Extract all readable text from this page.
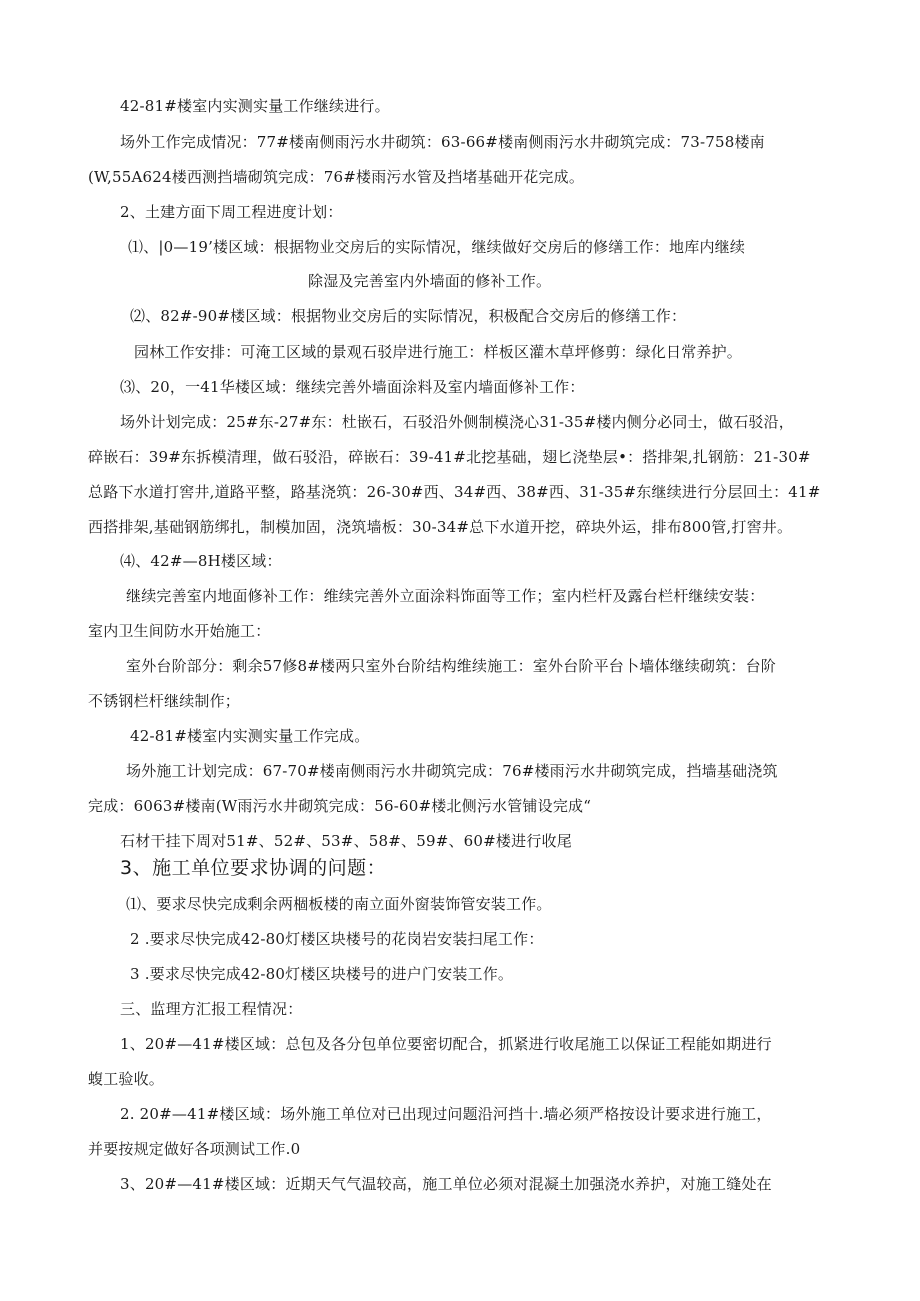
42-81#楼室内实测实量工作继续进行。
场外工作完成情况：77#楼南侧雨污水井砌筑：63-66#楼南侧雨污水井砌筑完成：73-758楼南
(W,55A624楼西测挡墙砌筑完成：76#楼雨污水管及挡堵基础开花完成。
2、土建方面下周工程进度计划：
⑴、|0—19’楼区域：根据物业交房后的实际情况，继续做好交房后的修缮工作：地库内继续
除湿及完善室内外墙面的修补工作。
⑵、82#-90#楼区域：根据物业交房后的实际情况，积极配合交房后的修缮工作：
园林工作安排：可淹工区域的景观石驳岸进行施工：样板区灌木草坪修剪：绿化日常养护。
⑶、20，一41华楼区域：继续完善外墙面涂料及室内墙面修补工作：
场外计划完成：25#东-27#东：杜嵌石，石驳沿外侧制模浇心31-35#楼内侧分必同士，做石驳沿，
碎嵌石：39#东拆模清理，做石驳沿，碎嵌石：39-41#北挖基础，翅匕浇垫层•：搭排架,扎钢筋：21-30#
总路下水道打窖井,道路平整，路基浇筑：26-30#西、34#西、38#西、31-35#东继续进行分层回土：41#
西搭排架,基础钢筋绑扎，制模加固，浇筑墙板：30-34#总下水道开挖，碎块外运，排布800管,打窖井。
⑷、42#—8H楼区域：
继续完善室内地面修补工作：维续完善外立面涂料饰面等工作；室内栏杆及露台栏杆继续安装：
室内卫生间防水开始施工：
室外台阶部分：剩余57修8#楼两只室外台阶结构维续施工：室外台阶平台卜墙体继续砌筑：台阶
不锈钢栏杆继续制作；
42-81#楼室内实测实量工作完成。
场外施工计划完成：67-70#楼南侧雨污水井砌筑完成：76#楼雨污水井砌筑完成，挡墙基础浇筑
完成：6063#楼南(W雨污水井砌筑完成：56-60#楼北侧污水管铺设完成“
石材干挂下周对51#、52#、53#、58#、59#、60#楼进行收尾
3、施工单位要求协调的问题：
⑴、要求尽快完成剩余两棝板楼的南立面外窗装饰管安装工作。
2 .要求尽快完成42-80灯楼区块楼号的花岗岩安装扫尾工作：
3 .要求尽快完成42-80灯楼区块楼号的进户门安装工作。
三、监理方汇报工程情况：
1、20#—41#楼区域：总包及各分包单位要密切配合，抓紧进行收尾施工以保证工程能如期进行
蝮工验收。
2. 20#—41#楼区域：场外施工单位对已出现过问题沿河挡十.墙必须严格按设计要求进行施工，
并要按规定做好各项测试工作.0
3、20#—41#楼区域：近期天气气温较高，施工单位必须对混凝土加强浇水养护，对施工缝处在
